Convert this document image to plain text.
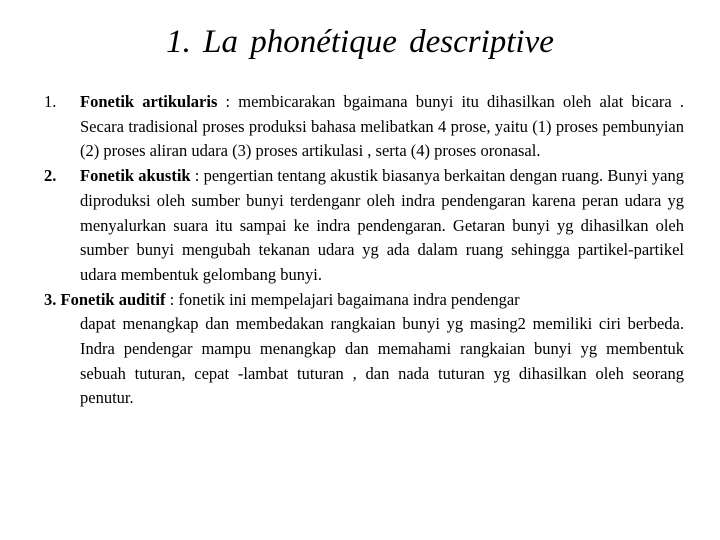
1. La phonétique descriptive
1.	Fonetik artikularis : membicarakan bgaimana bunyi itu dihasilkan oleh alat bicara . Secara tradisional proses produksi bahasa melibatkan 4 prose, yaitu (1) proses pembunyian (2) proses aliran udara (3) proses artikulasi , serta (4) proses oronasal.
2.	Fonetik akustik : pengertian tentang akustik biasanya berkaitan dengan ruang. Bunyi yang diproduksi oleh sumber bunyi terdenganr oleh indra pendengaran karena peran udara yg menyalurkan suara itu sampai ke indra pendengaran. Getaran bunyi yg dihasilkan oleh sumber bunyi mengubah tekanan udara yg ada dalam ruang sehingga partikel-partikel udara membentuk gelombang bunyi.
3. Fonetik auditif : fonetik ini mempelajari bagaimana indra pendengar
dapat menangkap dan membedakan rangkaian bunyi yg masing2 memiliki ciri berbeda. Indra pendengar mampu menangkap dan memahami rangkaian bunyi yg membentuk sebuah tuturan, cepat -lambat tuturan , dan nada tuturan yg dihasilkan oleh seorang penutur.
